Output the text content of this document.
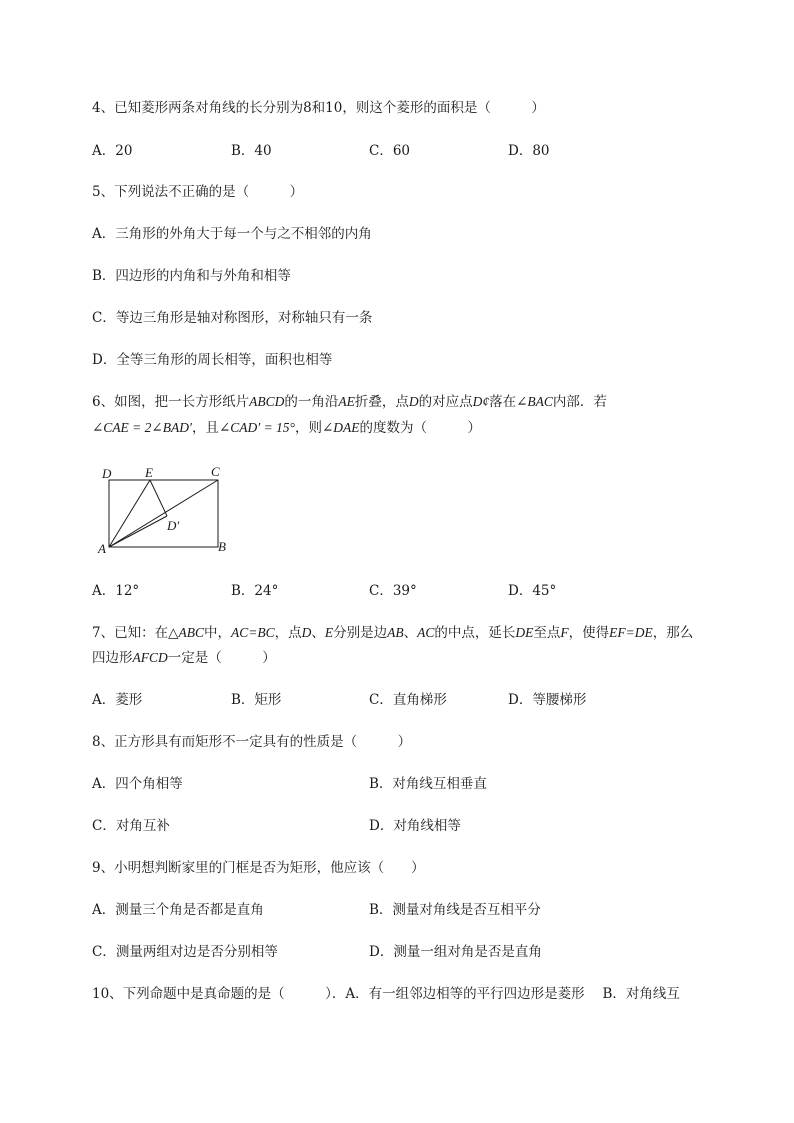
4、已知菱形两条对角线的长分别为8和10，则这个菱形的面积是（　　　）
A．20	B．40	C．60	D．80
5、下列说法不正确的是（　　　）
A．三角形的外角大于每一个与之不相邻的内角
B．四边形的内角和与外角和相等
C．等边三角形是轴对称图形，对称轴只有一条
D．全等三角形的周长相等，面积也相等
6、如图，把一长方形纸片ABCD的一角沿AE折叠，点D的对应点D¢落在∠BAC内部．若
∠CAE = 2∠BAD′，且∠CAD′ = 15°，则∠DAE的度数为（　　　）
D	E	C
D′
A	B
A．12°	B．24°	C．39°	D．45°
7、已知：在△ABC中，AC=BC，点D、E分别是边AB、AC的中点，延长DE至点F，使得EF=DE，那么
四边形AFCD一定是（　　　）
A．菱形	B．矩形	C．直角梯形	D．等腰梯形
8、正方形具有而矩形不一定具有的性质是（　　　）
A．四个角相等	B．对角线互相垂直
C．对角互补	D．对角线相等
9、小明想判断家里的门框是否为矩形，他应该（　　）
A．测量三个角是否都是直角	B．测量对角线是否互相平分
C．测量两组对边是否分别相等	D．测量一组对角是否是直角
10、下列命题中是真命题的是（　　　）．A．有一组邻边相等的平行四边形是菱形　 B．对角线互
